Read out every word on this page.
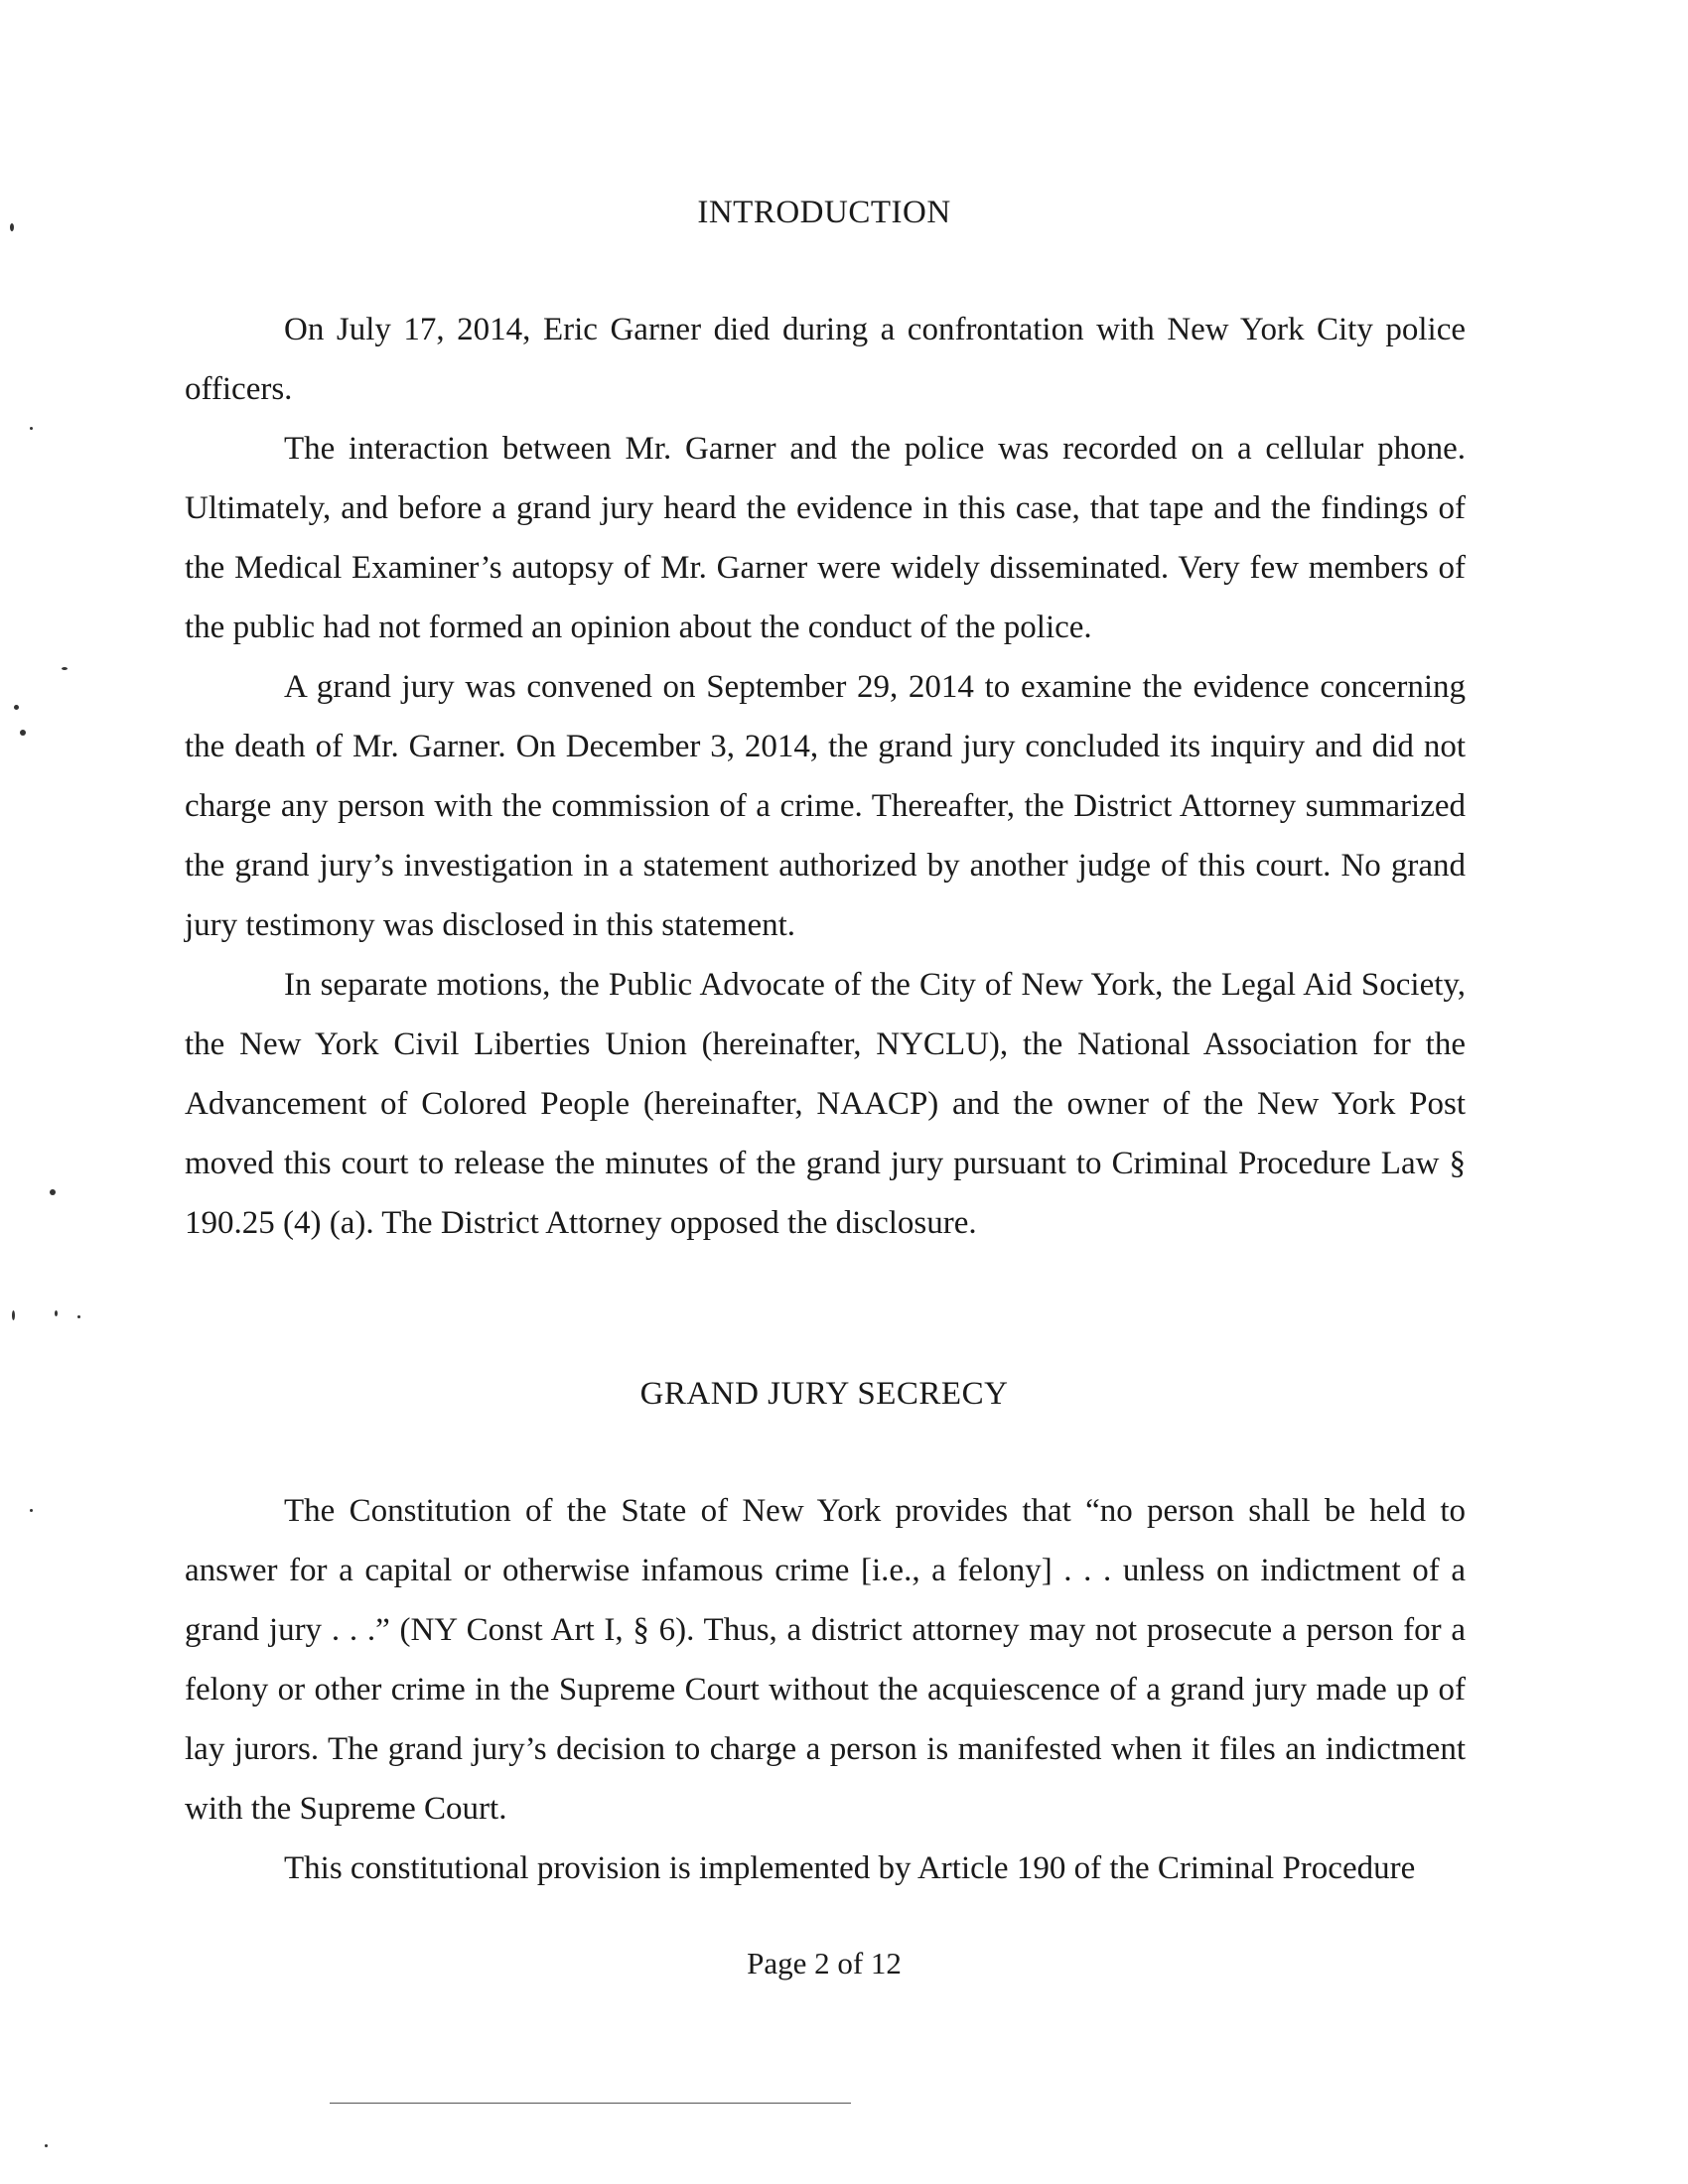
INTRODUCTION

On July 17, 2014, Eric Garner died during a confrontation with New York City police officers.

The interaction between Mr. Garner and the police was recorded on a cellular phone. Ultimately, and before a grand jury heard the evidence in this case, that tape and the findings of the Medical Examiner’s autopsy of Mr. Garner were widely disseminated. Very few members of the public had not formed an opinion about the conduct of the police.

A grand jury was convened on September 29, 2014 to examine the evidence concerning the death of Mr. Garner. On December 3, 2014, the grand jury concluded its inquiry and did not charge any person with the commission of a crime. Thereafter, the District Attorney summarized the grand jury’s investigation in a statement authorized by another judge of this court. No grand jury testimony was disclosed in this statement.

In separate motions, the Public Advocate of the City of New York, the Legal Aid Society, the New York Civil Liberties Union (hereinafter, NYCLU), the National Association for the Advancement of Colored People (hereinafter, NAACP) and the owner of the New York Post moved this court to release the minutes of the grand jury pursuant to Criminal Procedure Law § 190.25 (4) (a). The District Attorney opposed the disclosure.

GRAND JURY SECRECY

The Constitution of the State of New York provides that “no person shall be held to answer for a capital or otherwise infamous crime [i.e., a felony] . . . unless on indictment of a grand jury . . .” (NY Const Art I, § 6). Thus, a district attorney may not prosecute a person for a felony or other crime in the Supreme Court without the acquiescence of a grand jury made up of lay jurors. The grand jury’s decision to charge a person is manifested when it files an indictment with the Supreme Court.

This constitutional provision is implemented by Article 190 of the Criminal Procedure

Page 2 of 12
